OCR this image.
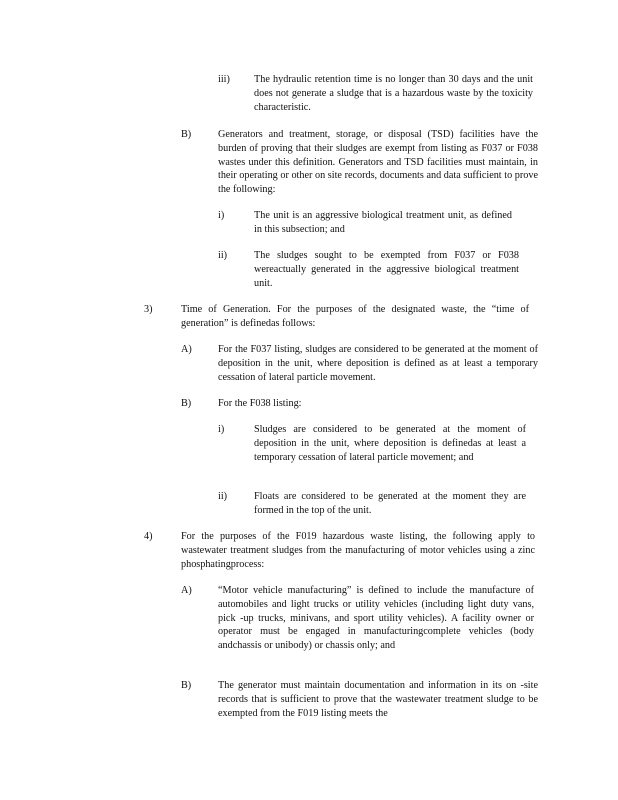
iii) The hydraulic retention time is no longer than 30 days and the unit does not generate a sludge that is a hazardous waste by the toxicity characteristic.
B)	Generators and treatment, storage, or disposal (TSD) facilities have the burden of proving that their sludges are exempt from listing as F037 or F038 wastes under this definition. Generators and TSD facilities must maintain, in their operating or other on site records, documents and data sufficient to prove the following:
i)	The unit is an aggressive biological treatment unit, as defined in this subsection; and
ii)	The sludges sought to be exempted from F037 or F038 wereactually generated in the aggressive biological treatment unit.
3)	Time of Generation. For the purposes of the designated waste, the “time of generation” is definedas follows:
A)	For the F037 listing, sludges are considered to be generated at the moment of deposition in the unit, where deposition is defined as at least a temporary cessation of lateral particle movement.
B)	For the F038 listing:
i)	Sludges are considered to be generated at the moment of deposition in the unit, where deposition is definedas at least a temporary cessation of lateral particle movement; and
ii)	Floats are considered to be generated at the moment they are formed in the top of the unit.
4)	For the purposes of the F019 hazardous waste listing, the following apply to wastewater treatment sludges from the manufacturing of motor vehicles using a zinc phosphatingprocess:
A)	“Motor vehicle manufacturing” is defined to include the manufacture of automobiles and light trucks or utility vehicles (including light duty vans, pick -up trucks, minivans, and sport utility vehicles). A facility owner or operator must be engaged in manufacturingcomplete vehicles (body andchassis or unibody) or chassis only; and
B)	The generator must maintain documentation and information in its on -site records that is sufficient to prove that the wastewater treatment sludge to be exempted from the F019 listing meets the
